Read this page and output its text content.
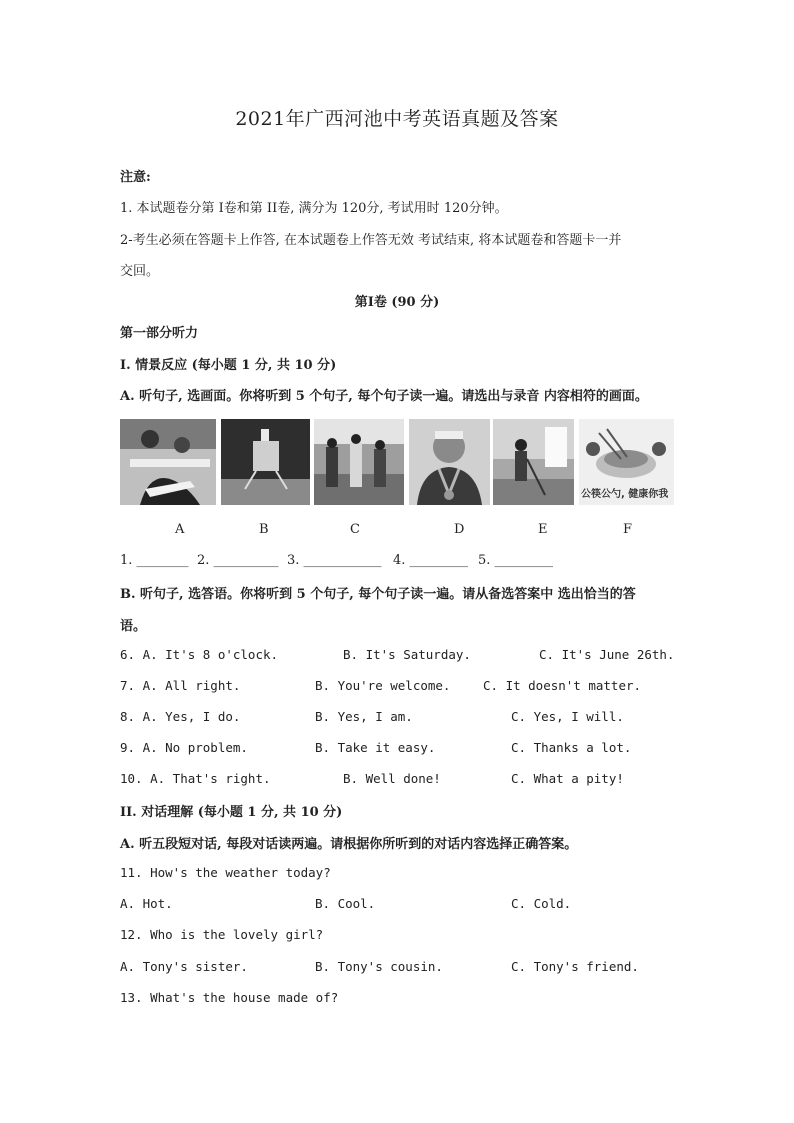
2021年广西河池中考英语真题及答案
注意:
1. 本试题卷分第 I卷和第 II卷, 满分为 120分, 考试用时 120分钟。
2-考生必须在答题卡上作答, 在本试题卷上作答无效 考试结束, 将本试题卷和答题卡一并
交回。
第I卷 (90 分)
第一部分听力
I. 情景反应 (每小题 1 分, 共 10 分)
A. 听句子, 选画面。你将听到 5 个句子, 每个句子读一遍。请选出与录音 内容相符的画面。
公筷公勺, 健康你我
A	B	C	D	E	F
1. ________ 2. __________ 3. ____________ 4. _________ 5. _________
B. 听句子, 选答语。你将听到 5 个句子, 每个句子读一遍。请从备选答案中 选出恰当的答
语。
6. A. It's 8 o'clock.	B. It's Saturday.	C. It's June 26th.
7. A. All right.	B. You're welcome.	C. It doesn't matter.
8. A. Yes, I do.	B. Yes, I am.	C. Yes, I will.
9. A. No problem.	B. Take it easy.	C. Thanks a lot.
10. A. That's right.	B. Well done!	C. What a pity!
II. 对话理解 (每小题 1 分, 共 10 分)
A. 听五段短对话, 每段对话读两遍。请根据你所听到的对话内容选择正确答案。
11. How's the weather today?
A. Hot.	B. Cool.	C. Cold.
12. Who is the lovely girl?
A. Tony's sister.	B. Tony's cousin.	C. Tony's friend.
13. What's the house made of?
